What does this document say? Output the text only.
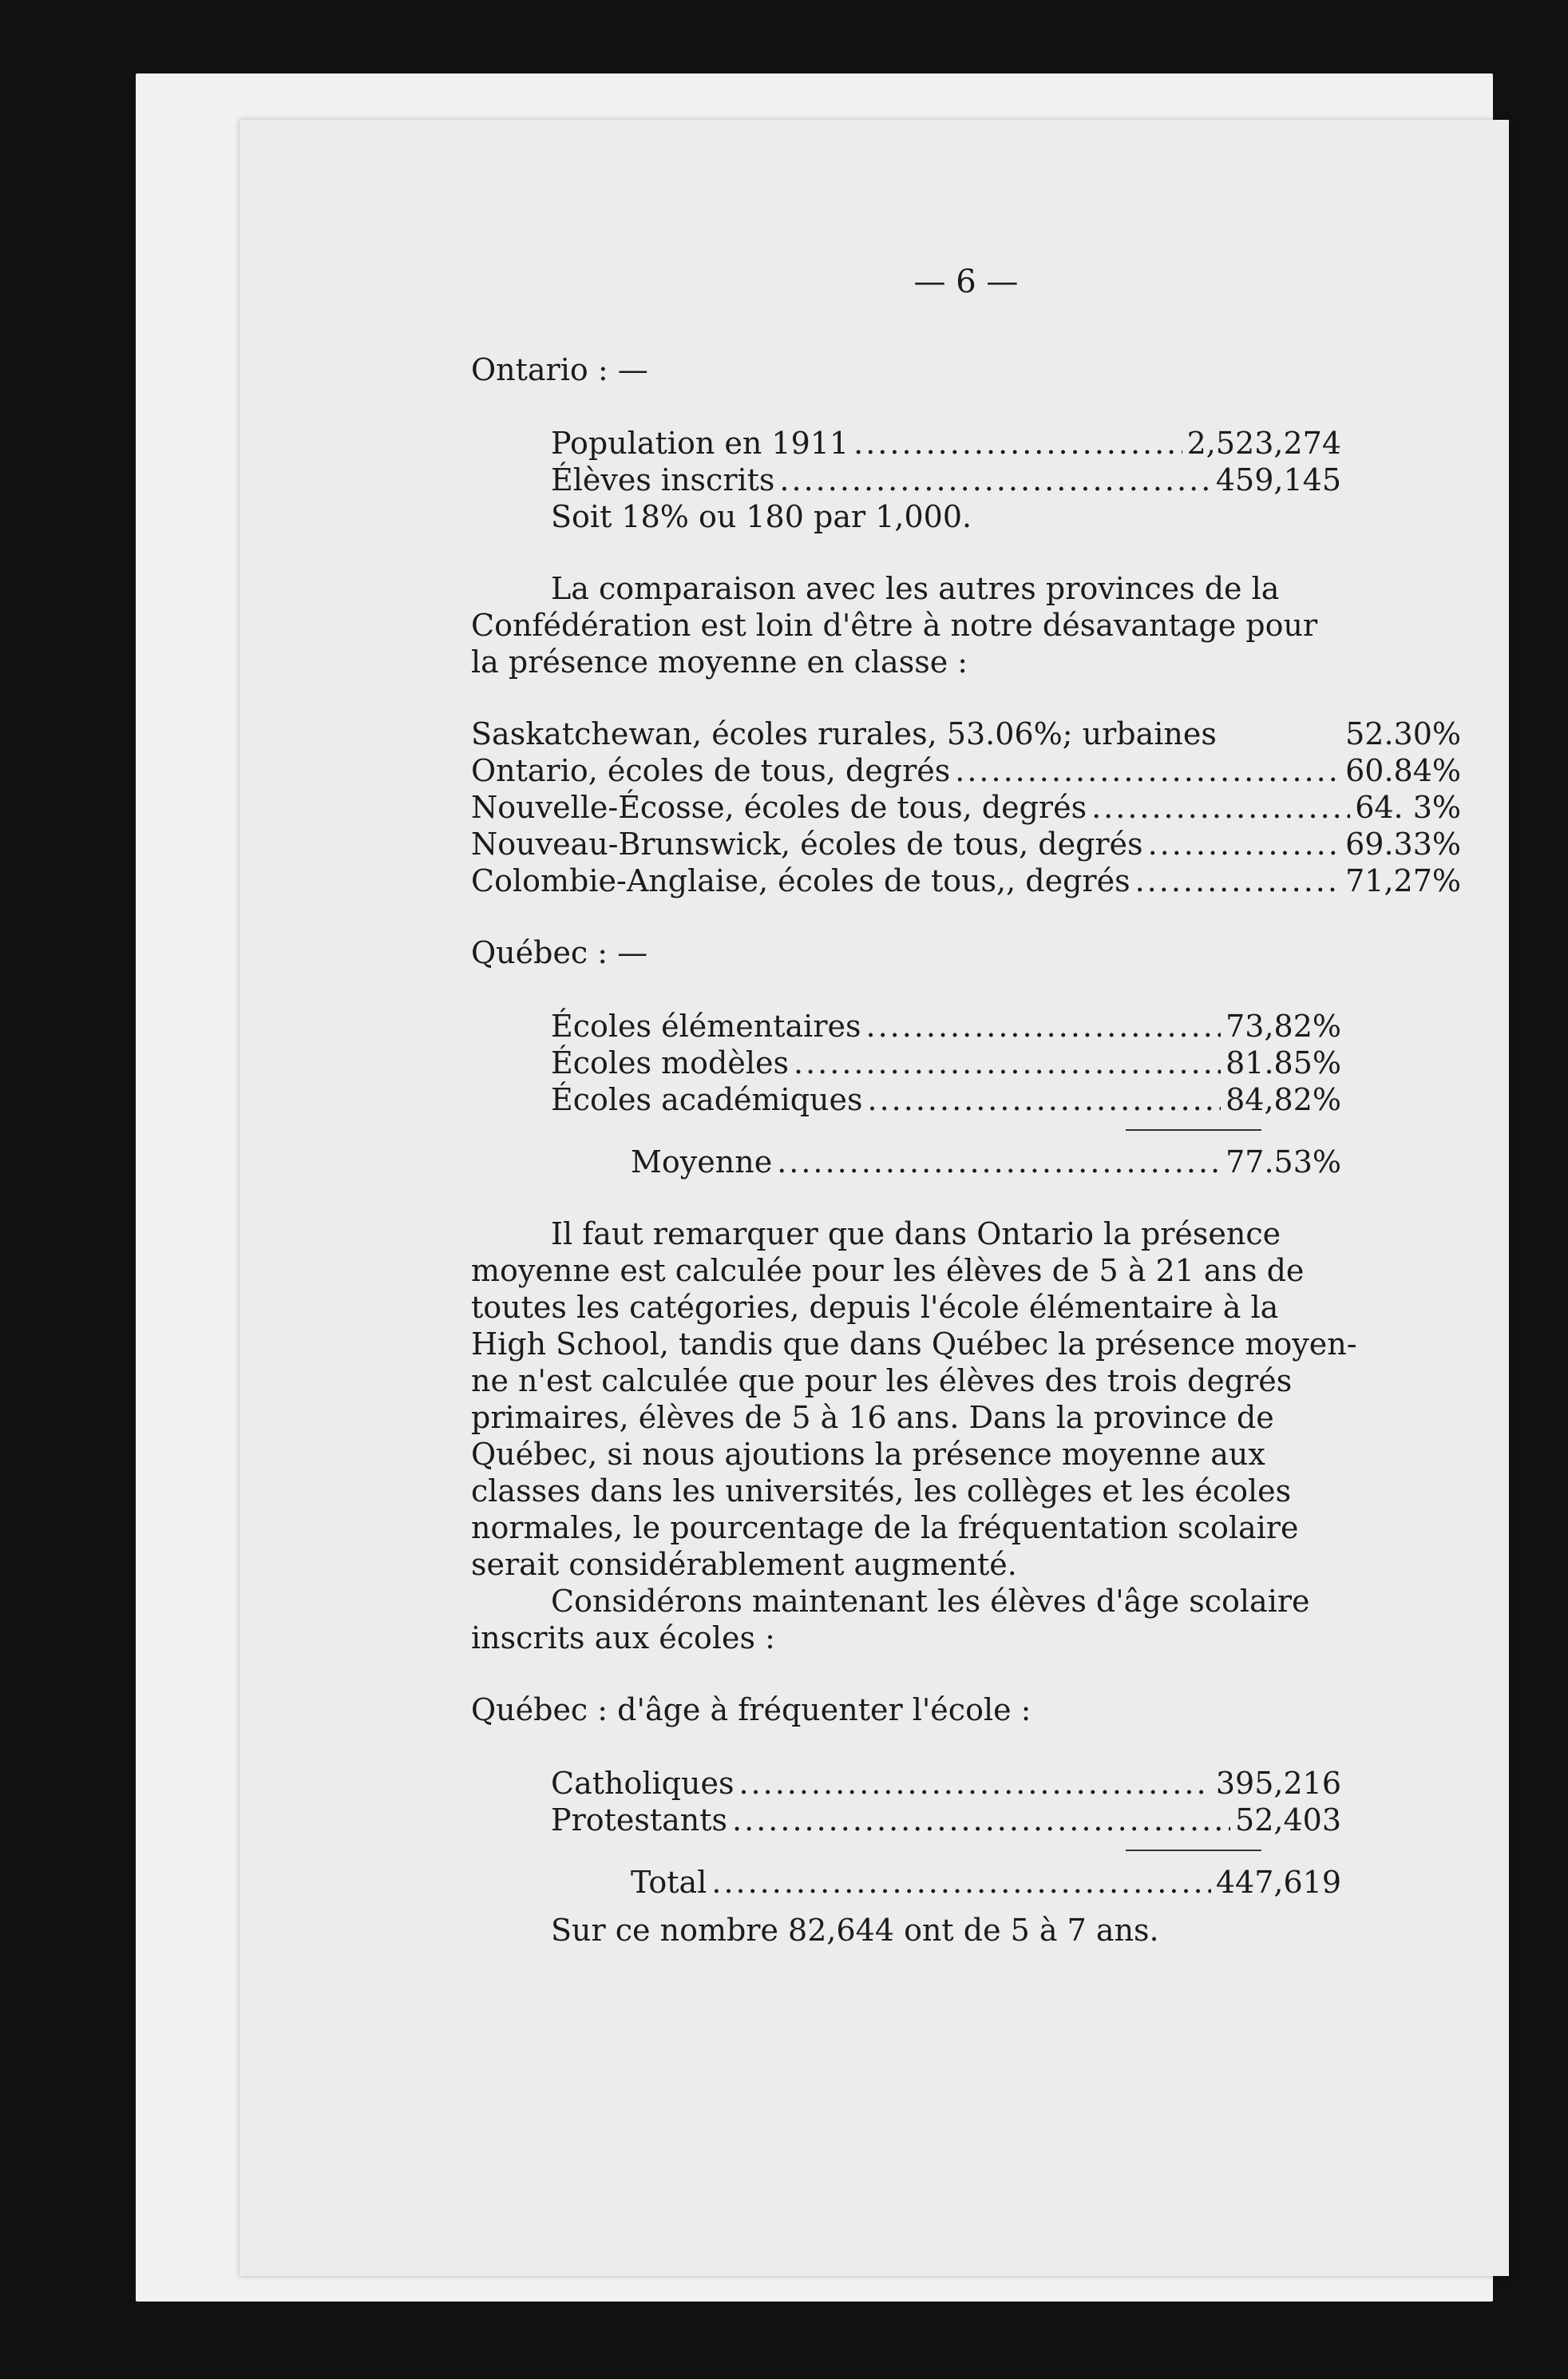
— 6 —
Ontario : —
Population en 1911 .....	2,523,274
Élèves inscrits .....	459,145
Soit 18% ou 180 par 1,000.
La comparaison avec les autres provinces de la
Confédération est loin d'être à notre désavantage pour
la présence moyenne en classe :
Saskatchewan, écoles rurales, 53.06%; urbaines	52.30%
Ontario, écoles de tous, degrés .....	60.84%
Nouvelle-Écosse, écoles de tous, degrés .....	64. 3%
Nouveau-Brunswick, écoles de tous, degrés .....	69.33%
Colombie-Anglaise, écoles de tous,, degrés .....	71,27%
Québec : —
Écoles élémentaires .....	73,82%
Écoles modèles .....	81.85%
Écoles académiques .....	84,82%
Moyenne .....	77.53%
Il faut remarquer que dans Ontario la présence
moyenne est calculée pour les élèves de 5 à 21 ans de
toutes les catégories, depuis l'école élémentaire à la
High School, tandis que dans Québec la présence moyen-
ne n'est calculée que pour les élèves des trois degrés
primaires, élèves de 5 à 16 ans. Dans la province de
Québec, si nous ajoutions la présence moyenne aux
classes dans les universités, les collèges et les écoles
normales, le pourcentage de la fréquentation scolaire
serait considérablement augmenté.
Considérons maintenant les élèves d'âge scolaire
inscrits aux écoles :
Québec : d'âge à fréquenter l'école :
Catholiques .....	395,216
Protestants .....	52,403
Total .....	447,619
Sur ce nombre 82,644 ont de 5 à 7 ans.
